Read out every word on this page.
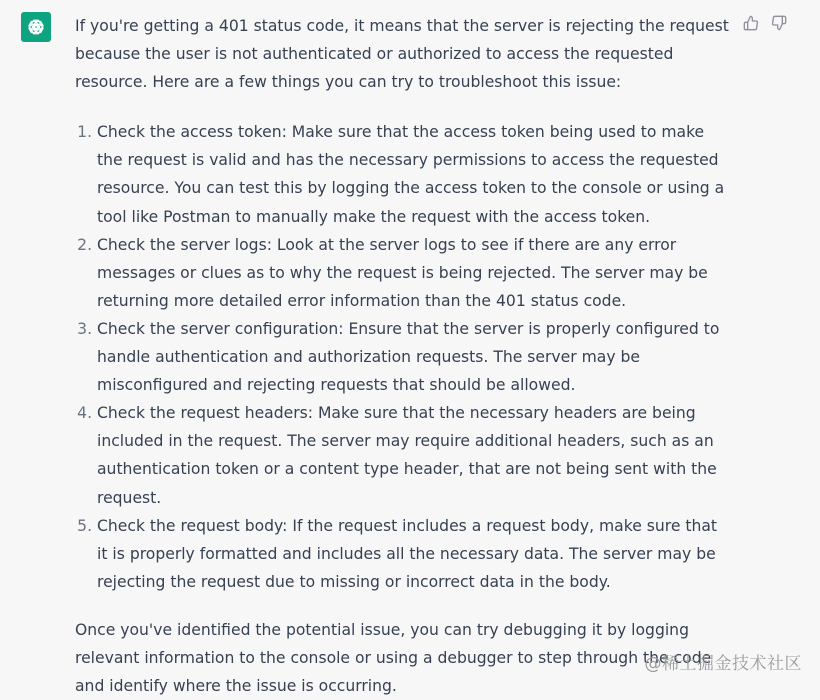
If you're getting a 401 status code, it means that the server is rejecting the request because the user is not authenticated or authorized to access the requested resource. Here are a few things you can try to troubleshoot this issue:

1. Check the access token: Make sure that the access token being used to make the request is valid and has the necessary permissions to access the requested resource. You can test this by logging the access token to the console or using a tool like Postman to manually make the request with the access token.
2. Check the server logs: Look at the server logs to see if there are any error messages or clues as to why the request is being rejected. The server may be returning more detailed error information than the 401 status code.
3. Check the server configuration: Ensure that the server is properly configured to handle authentication and authorization requests. The server may be misconfigured and rejecting requests that should be allowed.
4. Check the request headers: Make sure that the necessary headers are being included in the request. The server may require additional headers, such as an authentication token or a content type header, that are not being sent with the request.
5. Check the request body: If the request includes a request body, make sure that it is properly formatted and includes all the necessary data. The server may be rejecting the request due to missing or incorrect data in the body.

Once you've identified the potential issue, you can try debugging it by logging relevant information to the console or using a debugger to step through the code and identify where the issue is occurring.

@稀土掘金技术社区
